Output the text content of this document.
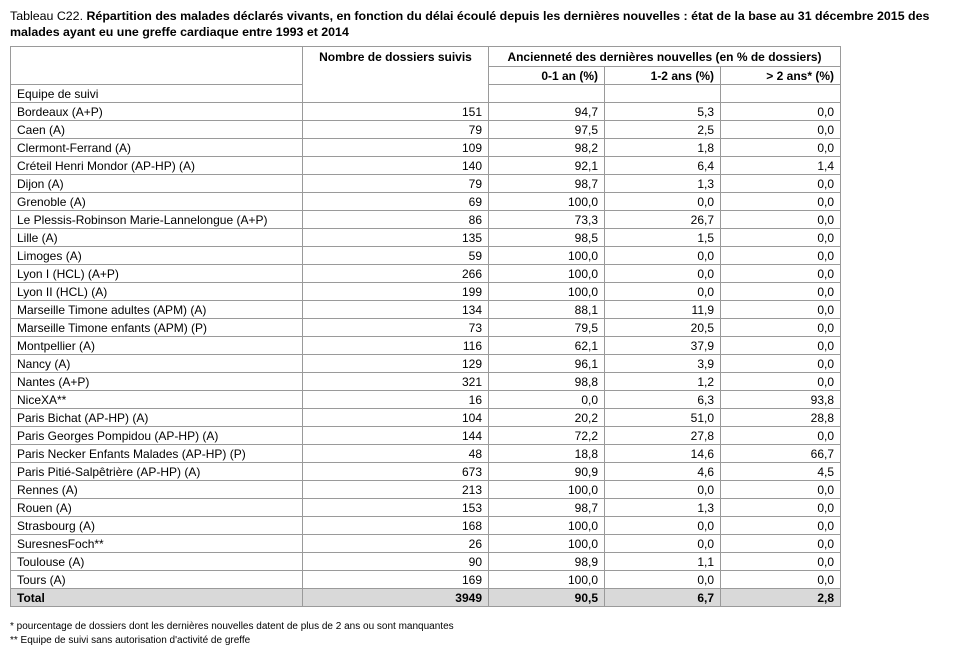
Tableau C22. Répartition des malades déclarés vivants, en fonction du délai écoulé depuis les dernières nouvelles : état de la base au 31 décembre 2015 des malades ayant eu une greffe cardiaque entre 1993 et 2014
	Nombre de dossiers suivis	Ancienneté des dernières nouvelles (en % de dossiers)		
		0-1 an (%)	1-2 ans (%)	> 2 ans* (%)
Equipe de suivi				
Bordeaux (A+P)	151	94,7	5,3	0,0
Caen (A)	79	97,5	2,5	0,0
Clermont-Ferrand (A)	109	98,2	1,8	0,0
Créteil Henri Mondor (AP-HP) (A)	140	92,1	6,4	1,4
Dijon (A)	79	98,7	1,3	0,0
Grenoble (A)	69	100,0	0,0	0,0
Le Plessis-Robinson Marie-Lannelongue (A+P)	86	73,3	26,7	0,0
Lille (A)	135	98,5	1,5	0,0
Limoges (A)	59	100,0	0,0	0,0
Lyon I (HCL) (A+P)	266	100,0	0,0	0,0
Lyon II (HCL) (A)	199	100,0	0,0	0,0
Marseille Timone adultes (APM) (A)	134	88,1	11,9	0,0
Marseille Timone enfants (APM) (P)	73	79,5	20,5	0,0
Montpellier (A)	116	62,1	37,9	0,0
Nancy (A)	129	96,1	3,9	0,0
Nantes (A+P)	321	98,8	1,2	0,0
NiceXA**	16	0,0	6,3	93,8
Paris Bichat (AP-HP) (A)	104	20,2	51,0	28,8
Paris Georges Pompidou (AP-HP) (A)	144	72,2	27,8	0,0
Paris Necker Enfants Malades (AP-HP) (P)	48	18,8	14,6	66,7
Paris Pitié-Salpêtrière (AP-HP) (A)	673	90,9	4,6	4,5
Rennes (A)	213	100,0	0,0	0,0
Rouen (A)	153	98,7	1,3	0,0
Strasbourg (A)	168	100,0	0,0	0,0
SuresnesFoch**	26	100,0	0,0	0,0
Toulouse (A)	90	98,9	1,1	0,0
Tours (A)	169	100,0	0,0	0,0
Total	3949	90,5	6,7	2,8
* pourcentage de dossiers dont les dernières nouvelles datent de plus de 2 ans ou sont manquantes
** Equipe de suivi sans autorisation d'activité de greffe
